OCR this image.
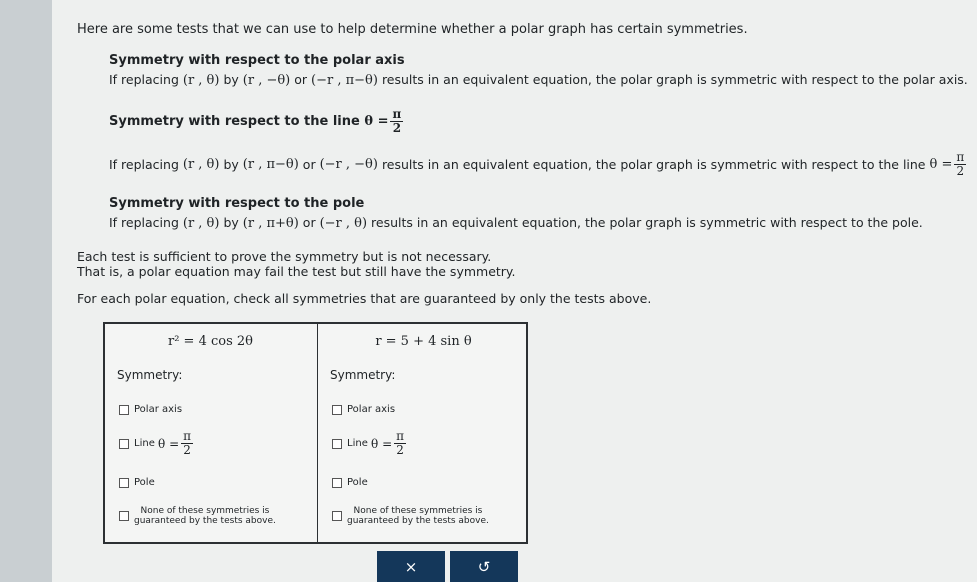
Here are some tests that we can use to help determine whether a polar graph has certain symmetries.
Symmetry with respect to the polar axis
If replacing (r , θ) by (r , −θ) or (−r , π−θ) results in an equivalent equation, the polar graph is symmetric with respect to the polar axis.
Symmetry with respect to the line
$\theta = \frac{\pi}{2}$
If replacing
(r , θ)
by
(r , π−θ)
or
(−r , −θ)
results in an equivalent equation, the polar graph is symmetric with respect to the line
$\theta = \frac{\pi}{2}$
Symmetry with respect to the pole
If replacing (r , θ) by (r , π+θ) or (−r , θ) results in an equivalent equation, the polar graph is symmetric with respect to the pole.
Each test is sufficient to prove the symmetry but is not necessary.
That is, a polar equation may fail the test but still have the symmetry.
For each polar equation, check all symmetries that are guaranteed by only the tests above.
r² = 4 cos 2θ
Symmetry:
Polar axis
Line
$\theta = \frac{\pi}{2}$
Pole
None of these symmetries is
guaranteed by the tests above.
r = 5 + 4 sin θ
Symmetry:
Polar axis
Line
$\theta = \frac{\pi}{2}$
Pole
None of these symmetries is
guaranteed by the tests above.
×	↺
